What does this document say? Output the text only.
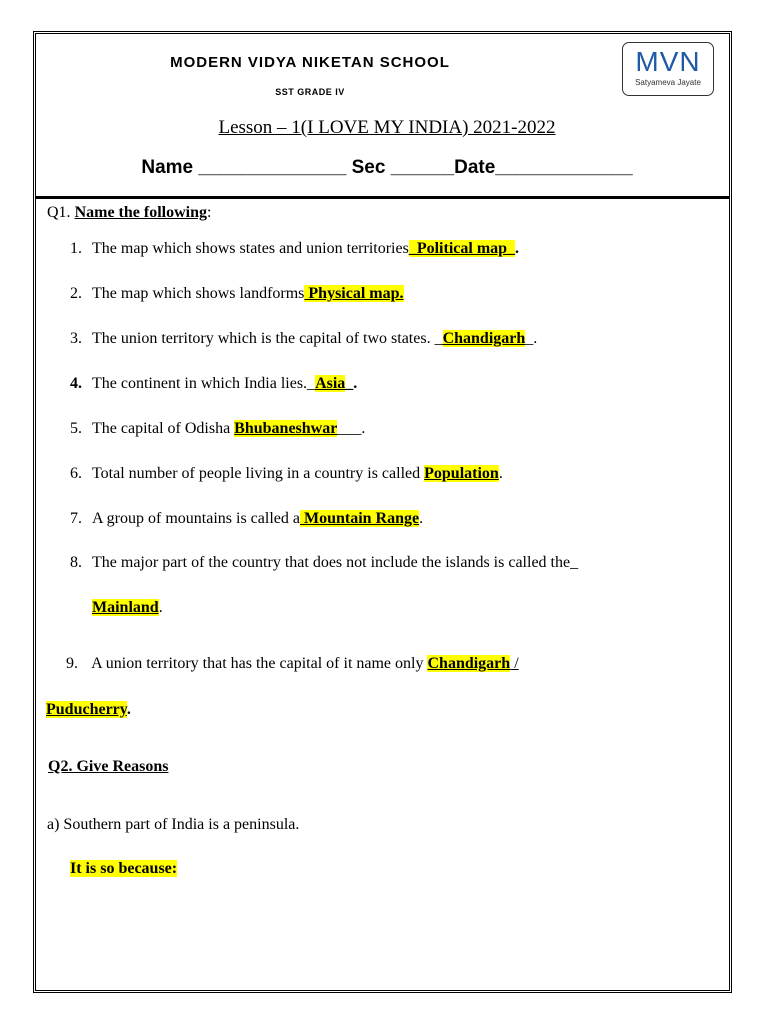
MODERN VIDYA NIKETAN SCHOOL
SST GRADE IV
MVN
Satyameva Jayate
Lesson – 1(I LOVE MY INDIA) 2021-2022
Name ______________ Sec ______Date_____________
Q1. Name the following:
1. The map which shows states and union territories_Political map_.
2. The map which shows landforms Physical map.
3. The union territory which is the capital of two states. _Chandigarh_.
4. The continent in which India lies._Asia_.
5. The capital of Odisha Bhubaneshwar___.
6. Total number of people living in a country is called Population.
7. A group of mountains is called a Mountain Range.
8. The major part of the country that does not include the islands is called the_
Mainland.
9. A union territory that has the capital of it name only Chandigarh /
Puducherry.
Q2. Give Reasons
a) Southern part of India is a peninsula.
It is so because:
